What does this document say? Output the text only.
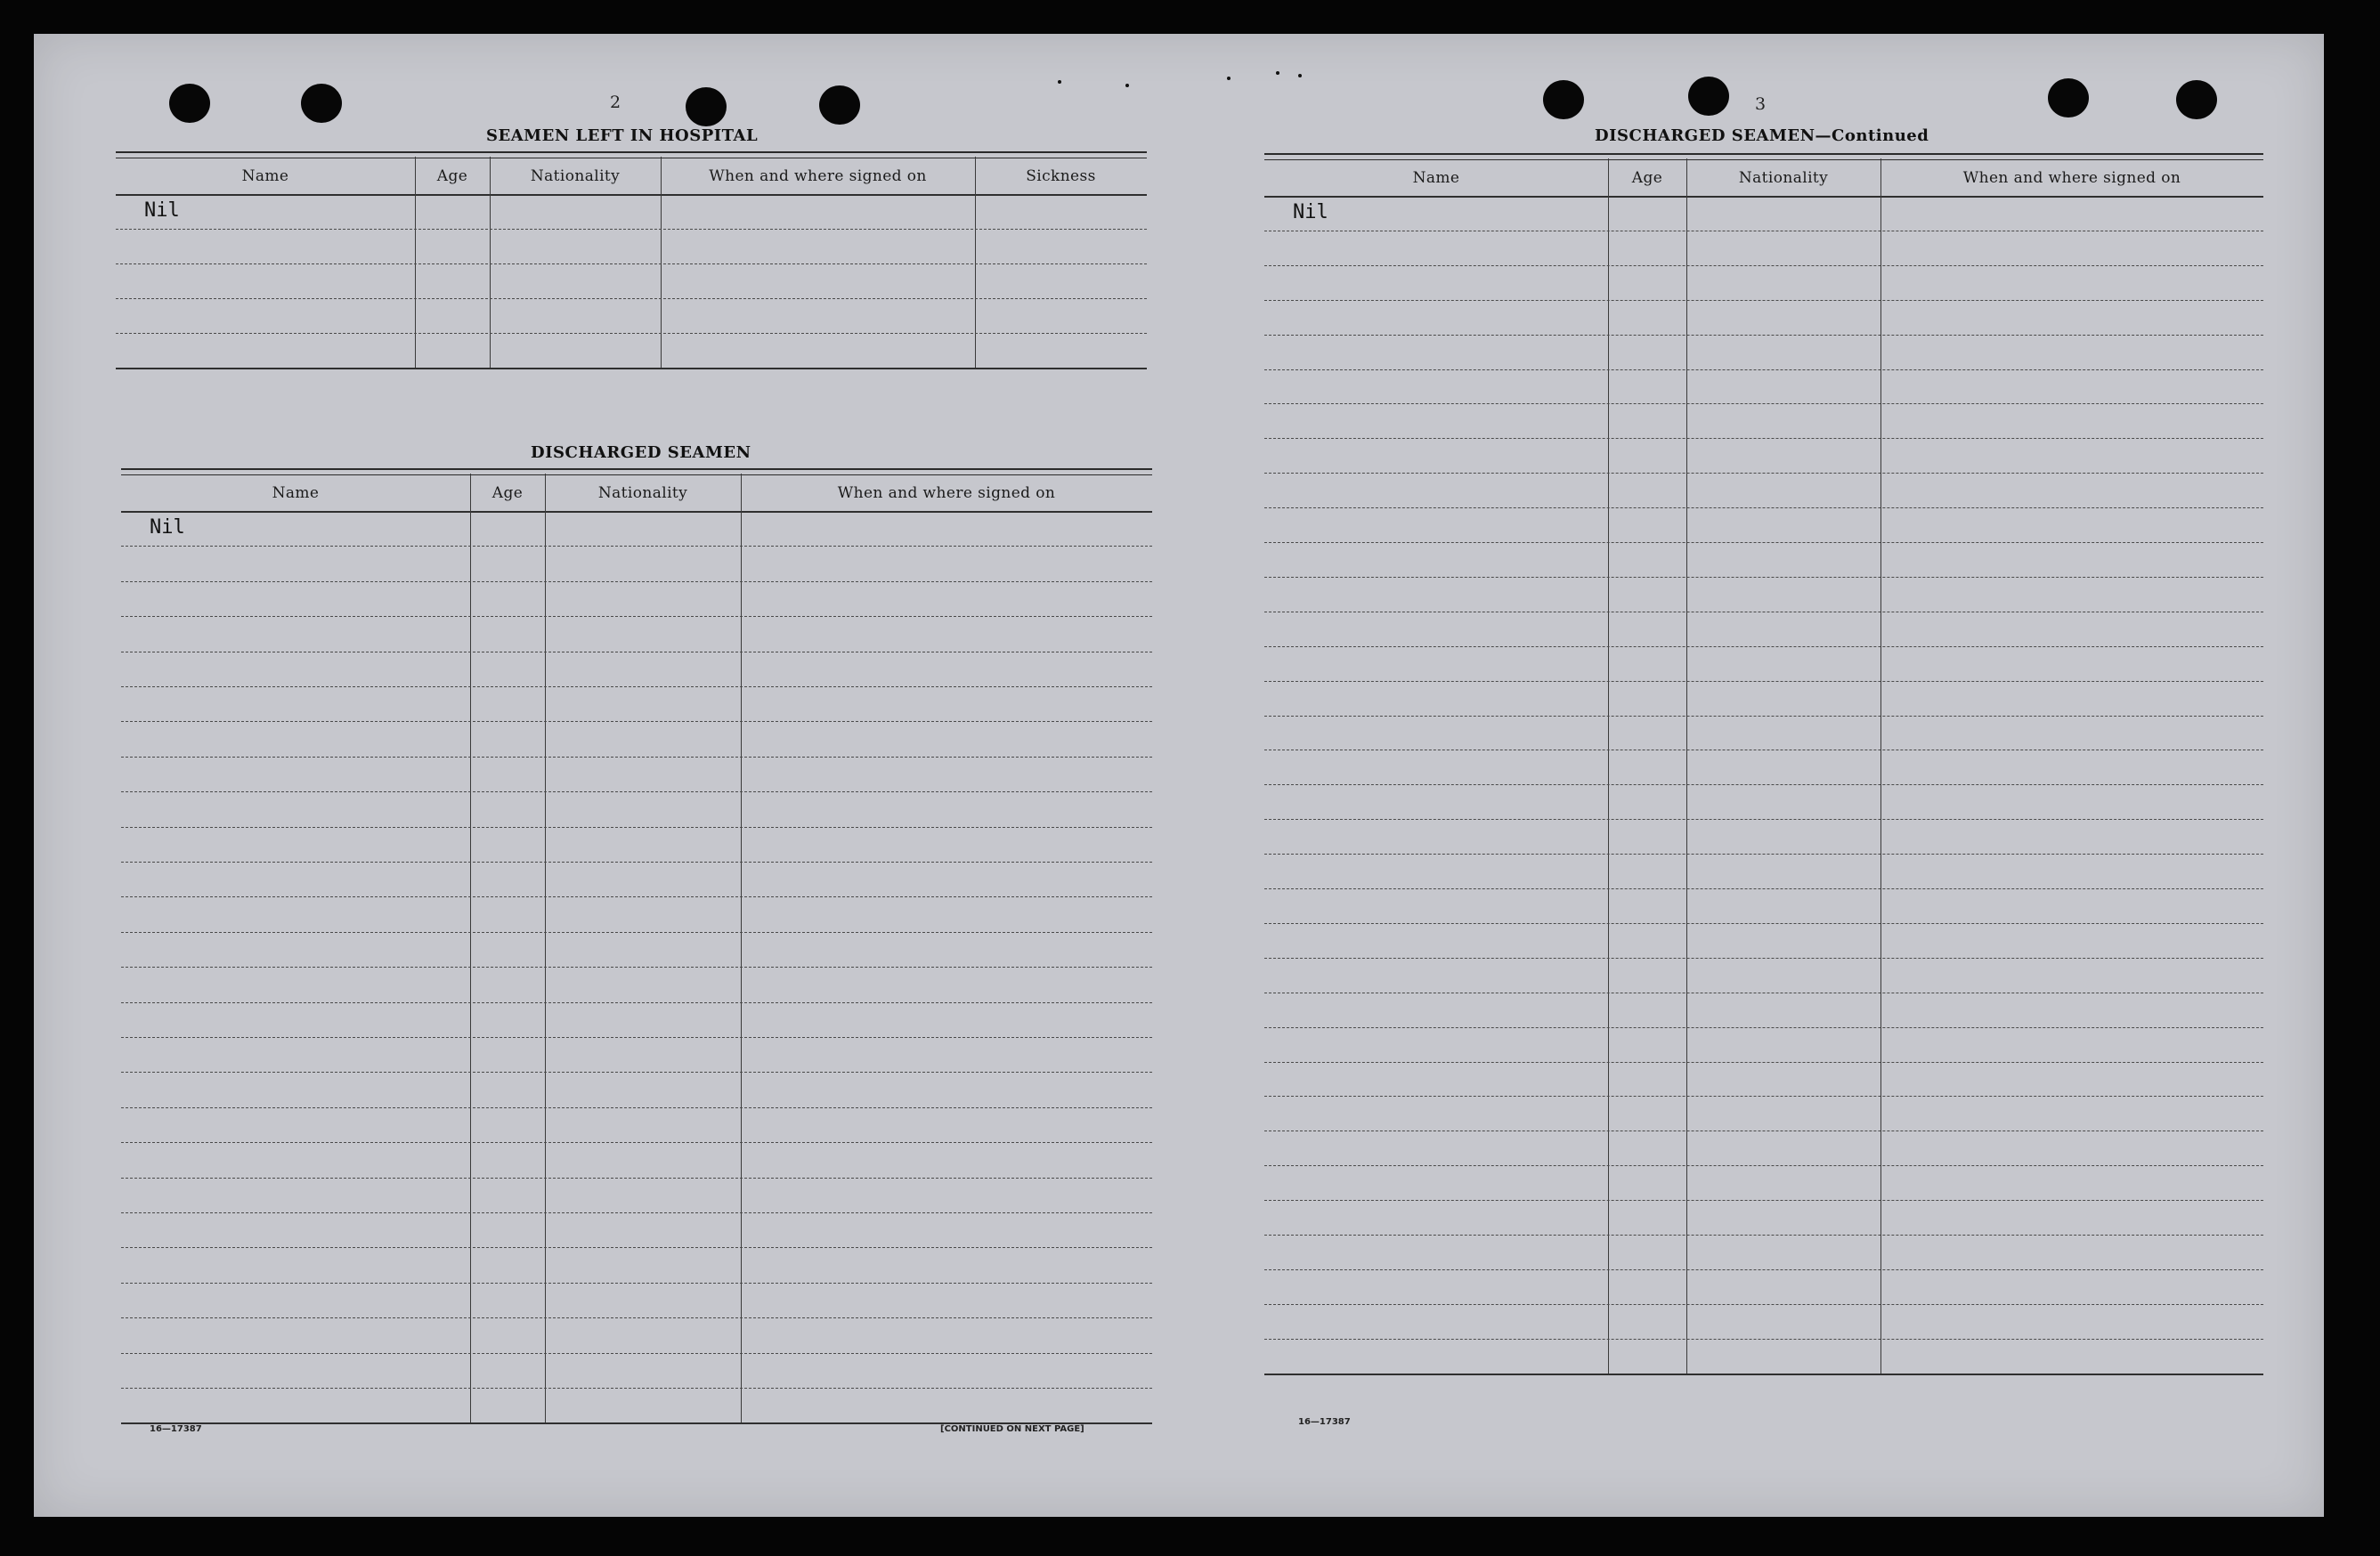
2
SEAMEN LEFT IN HOSPITAL
DISCHARGED SEAMEN
16—17387	[CONTINUED ON NEXT PAGE]
3
DISCHARGED SEAMEN—Continued
16—17387
Name	Age	Nationality	When and where signed on	Sickness
Nil
Name	Age	Nationality	When and where signed on
Nil
Name	Age	Nationality	When and where signed on
Nil
